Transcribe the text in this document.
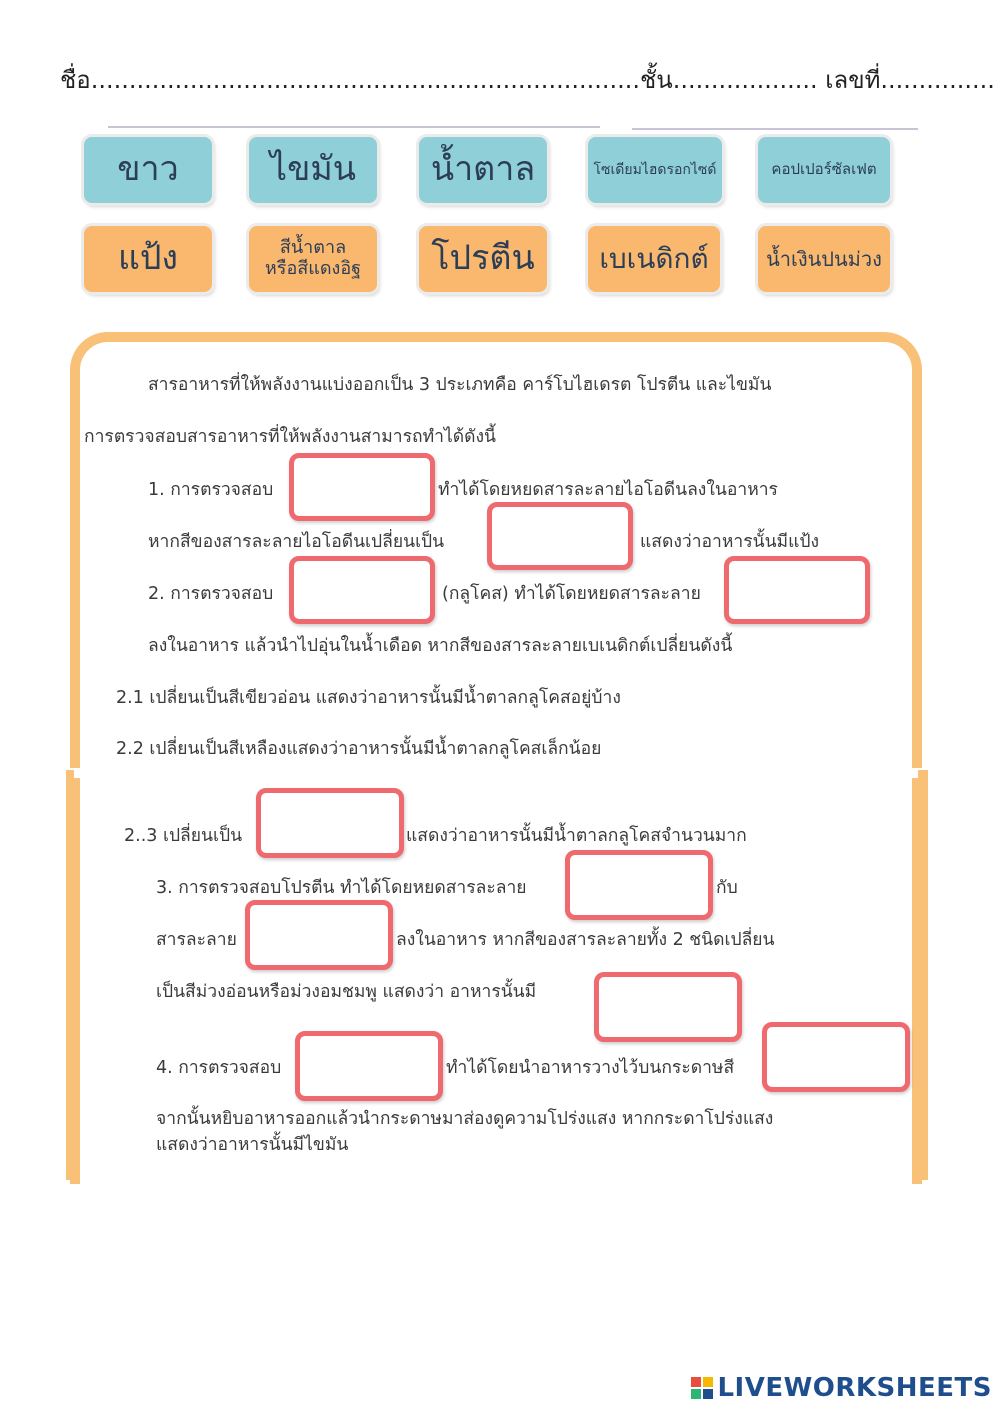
ชื่อ........................................................................ชั้น................... เลขที่...............
ขาว	ไขมัน น้ำตาล	โซเดียมไฮดรอกไซด์	คอปเปอร์ซัลเฟต
แป้ง	สีน้ำตาล
หรือสีแดงอิฐ โปรตีน เบเนดิกต์	น้ำเงินปนม่วง
สารอาหารที่ให้พลังงานแบ่งออกเป็น 3 ประเภทคือ คาร์โบไฮเดรต โปรตีน และไขมัน
การตรวจสอบสารอาหารที่ให้พลังงานสามารถทำได้ดังนี้
1. การตรวจสอบ	ทำได้โดยหยดสารละลายไอโอดีนลงในอาหาร
หากสีของสารละลายไอโอดีนเปลี่ยนเป็น	แสดงว่าอาหารนั้นมีแป้ง
2. การตรวจสอบ	(กลูโคส) ทำได้โดยหยดสารละลาย
ลงในอาหาร แล้วนำไปอุ่นในน้ำเดือด หากสีของสารละลายเบเนดิกต์เปลี่ยนดังนี้
2.1 เปลี่ยนเป็นสีเขียวอ่อน แสดงว่าอาหารนั้นมีน้ำตาลกลูโคสอยู่บ้าง
2.2 เปลี่ยนเป็นสีเหลืองแสดงว่าอาหารนั้นมีน้ำตาลกลูโคสเล็กน้อย
2..3 เปลี่ยนเป็น	แสดงว่าอาหารนั้นมีน้ำตาลกลูโคสจำนวนมาก
3. การตรวจสอบโปรตีน ทำได้โดยหยดสารละลาย	กับ
สารละลาย	ลงในอาหาร หากสีของสารละลายทั้ง 2 ชนิดเปลี่ยน
เป็นสีม่วงอ่อนหรือม่วงอมชมพู แสดงว่า อาหารนั้นมี
4. การตรวจสอบ	ทำได้โดยนำอาหารวางไว้บนกระดาษสี
จากนั้นหยิบอาหารออกแล้วนำกระดาษมาส่องดูความโปร่งแสง หากกระดาโปร่งแสง
แสดงว่าอาหารนั้นมีไขมัน
LIVEWORKSHEETS
